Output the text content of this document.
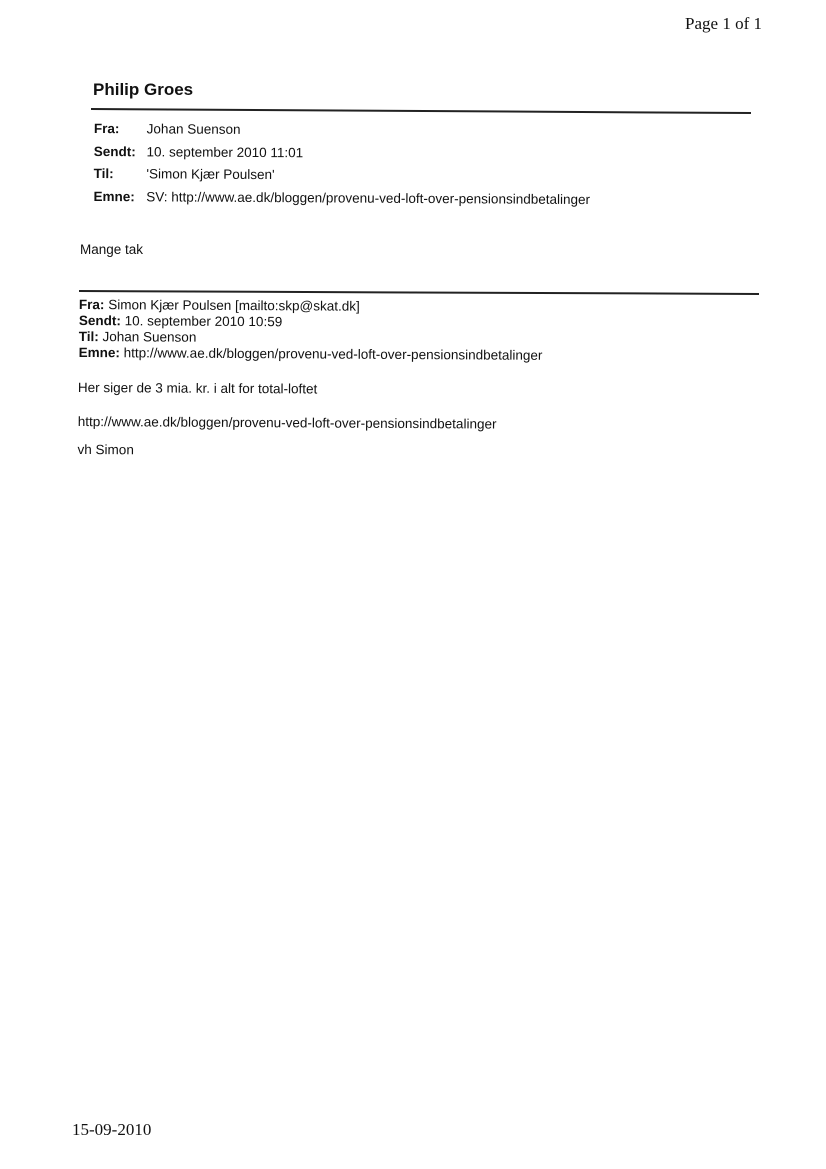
Page 1 of 1
Philip Groes
Fra: Johan Suenson
Sendt: 10. september 2010 11:01
Til: 'Simon Kjær Poulsen'
Emne: SV: http://www.ae.dk/bloggen/provenu-ved-loft-over-pensionsindbetalinger
Mange tak
Fra: Simon Kjær Poulsen [mailto:skp@skat.dk]
Sendt: 10. september 2010 10:59
Til: Johan Suenson
Emne: http://www.ae.dk/bloggen/provenu-ved-loft-over-pensionsindbetalinger
Her siger de 3 mia. kr. i alt for total-loftet
http://www.ae.dk/bloggen/provenu-ved-loft-over-pensionsindbetalinger
vh Simon
15-09-2010
